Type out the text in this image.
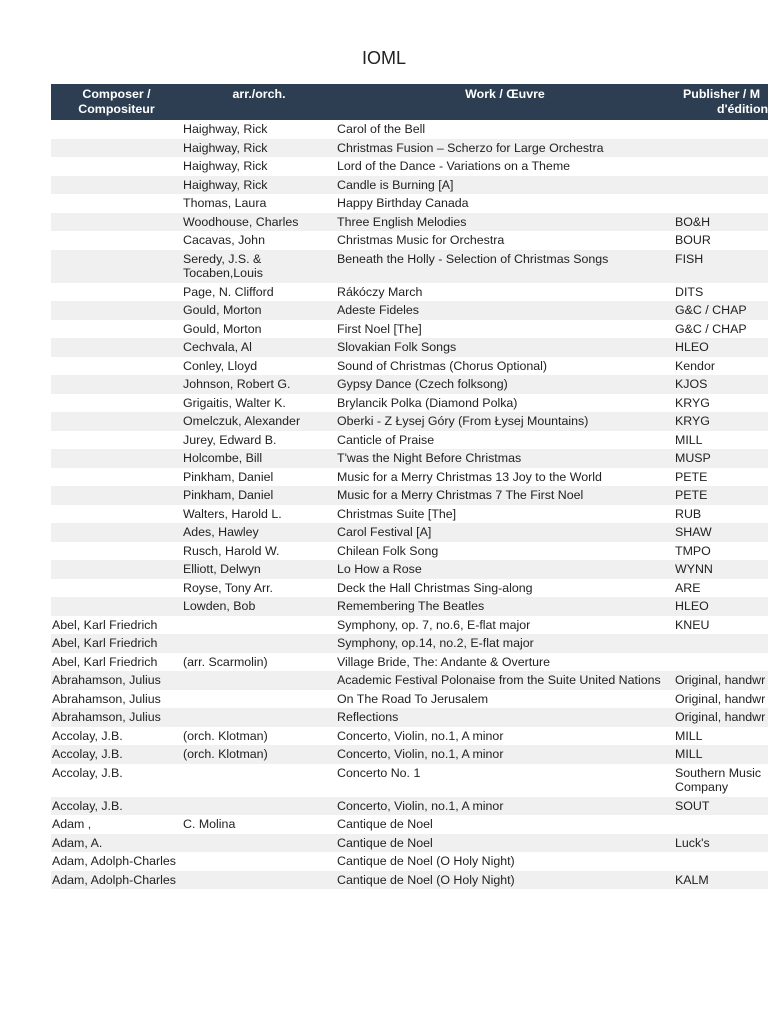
IOML
Composer /
Compositeur	arr./orch.	Work / Œuvre	Publisher / M
d'édition

	Haighway, Rick	Carol of the Bell	
	Haighway, Rick	Christmas Fusion – Scherzo for Large Orchestra	
	Haighway, Rick	Lord of the Dance - Variations on a Theme	
	Haighway, Rick	Candle is Burning [A]	
	Thomas, Laura	Happy Birthday Canada	
	Woodhouse, Charles	Three English Melodies	BO&H
	Cacavas, John	Christmas Music for Orchestra	BOUR
	Seredy, J.S. & Tocaben,Louis	Beneath the Holly - Selection of Christmas Songs	FISH
	Page, N. Clifford	Rákóczy March	DITS
	Gould, Morton	Adeste Fideles	G&C / CHAP
	Gould, Morton	First Noel [The]	G&C / CHAP
	Cechvala, Al	Slovakian Folk Songs	HLEO
	Conley, Lloyd	Sound of Christmas (Chorus Optional)	Kendor
	Johnson, Robert G.	Gypsy Dance (Czech folksong)	KJOS
	Grigaitis, Walter K.	Brylancik Polka (Diamond Polka)	KRYG
	Omelczuk, Alexander	Oberki - Z Łysej Góry (From Łysej Mountains)	KRYG
	Jurey, Edward B.	Canticle of Praise	MILL
	Holcombe, Bill	T'was the Night Before Christmas	MUSP
	Pinkham, Daniel	Music for a Merry Christmas 13 Joy to the World	PETE
	Pinkham, Daniel	Music for a Merry Christmas 7 The First Noel	PETE
	Walters, Harold L.	Christmas Suite [The]	RUB
	Ades, Hawley	Carol Festival [A]	SHAW
	Rusch, Harold W.	Chilean Folk Song	TMPO
	Elliott, Delwyn	Lo How a Rose	WYNN
	Royse, Tony Arr.	Deck the Hall Christmas Sing-along	ARE
	Lowden, Bob	Remembering The Beatles	HLEO
Abel, Karl Friedrich		Symphony, op. 7, no.6, E-flat major	KNEU
Abel, Karl Friedrich		Symphony, op.14, no.2, E-flat major	
Abel, Karl Friedrich	(arr. Scarmolin)	Village Bride, The: Andante & Overture	
Abrahamson, Julius		Academic Festival Polonaise from the Suite United Nations	Original, handwr
Abrahamson, Julius		On The Road To Jerusalem	Original, handwr
Abrahamson, Julius		Reflections	Original, handwr
Accolay, J.B.	(orch. Klotman)	Concerto, Violin, no.1, A minor	MILL
Accolay, J.B.	(orch. Klotman)	Concerto, Violin, no.1, A minor	MILL
Accolay, J.B.		Concerto No. 1	Southern Music Company
Accolay, J.B.		Concerto, Violin, no.1, A minor	SOUT
Adam ,	C. Molina	Cantique de Noel	
Adam, A.		Cantique de Noel	Luck's
Adam, Adolph-Charles		Cantique de Noel (O Holy Night)	
Adam, Adolph-Charles		Cantique de Noel (O Holy Night)	KALM
